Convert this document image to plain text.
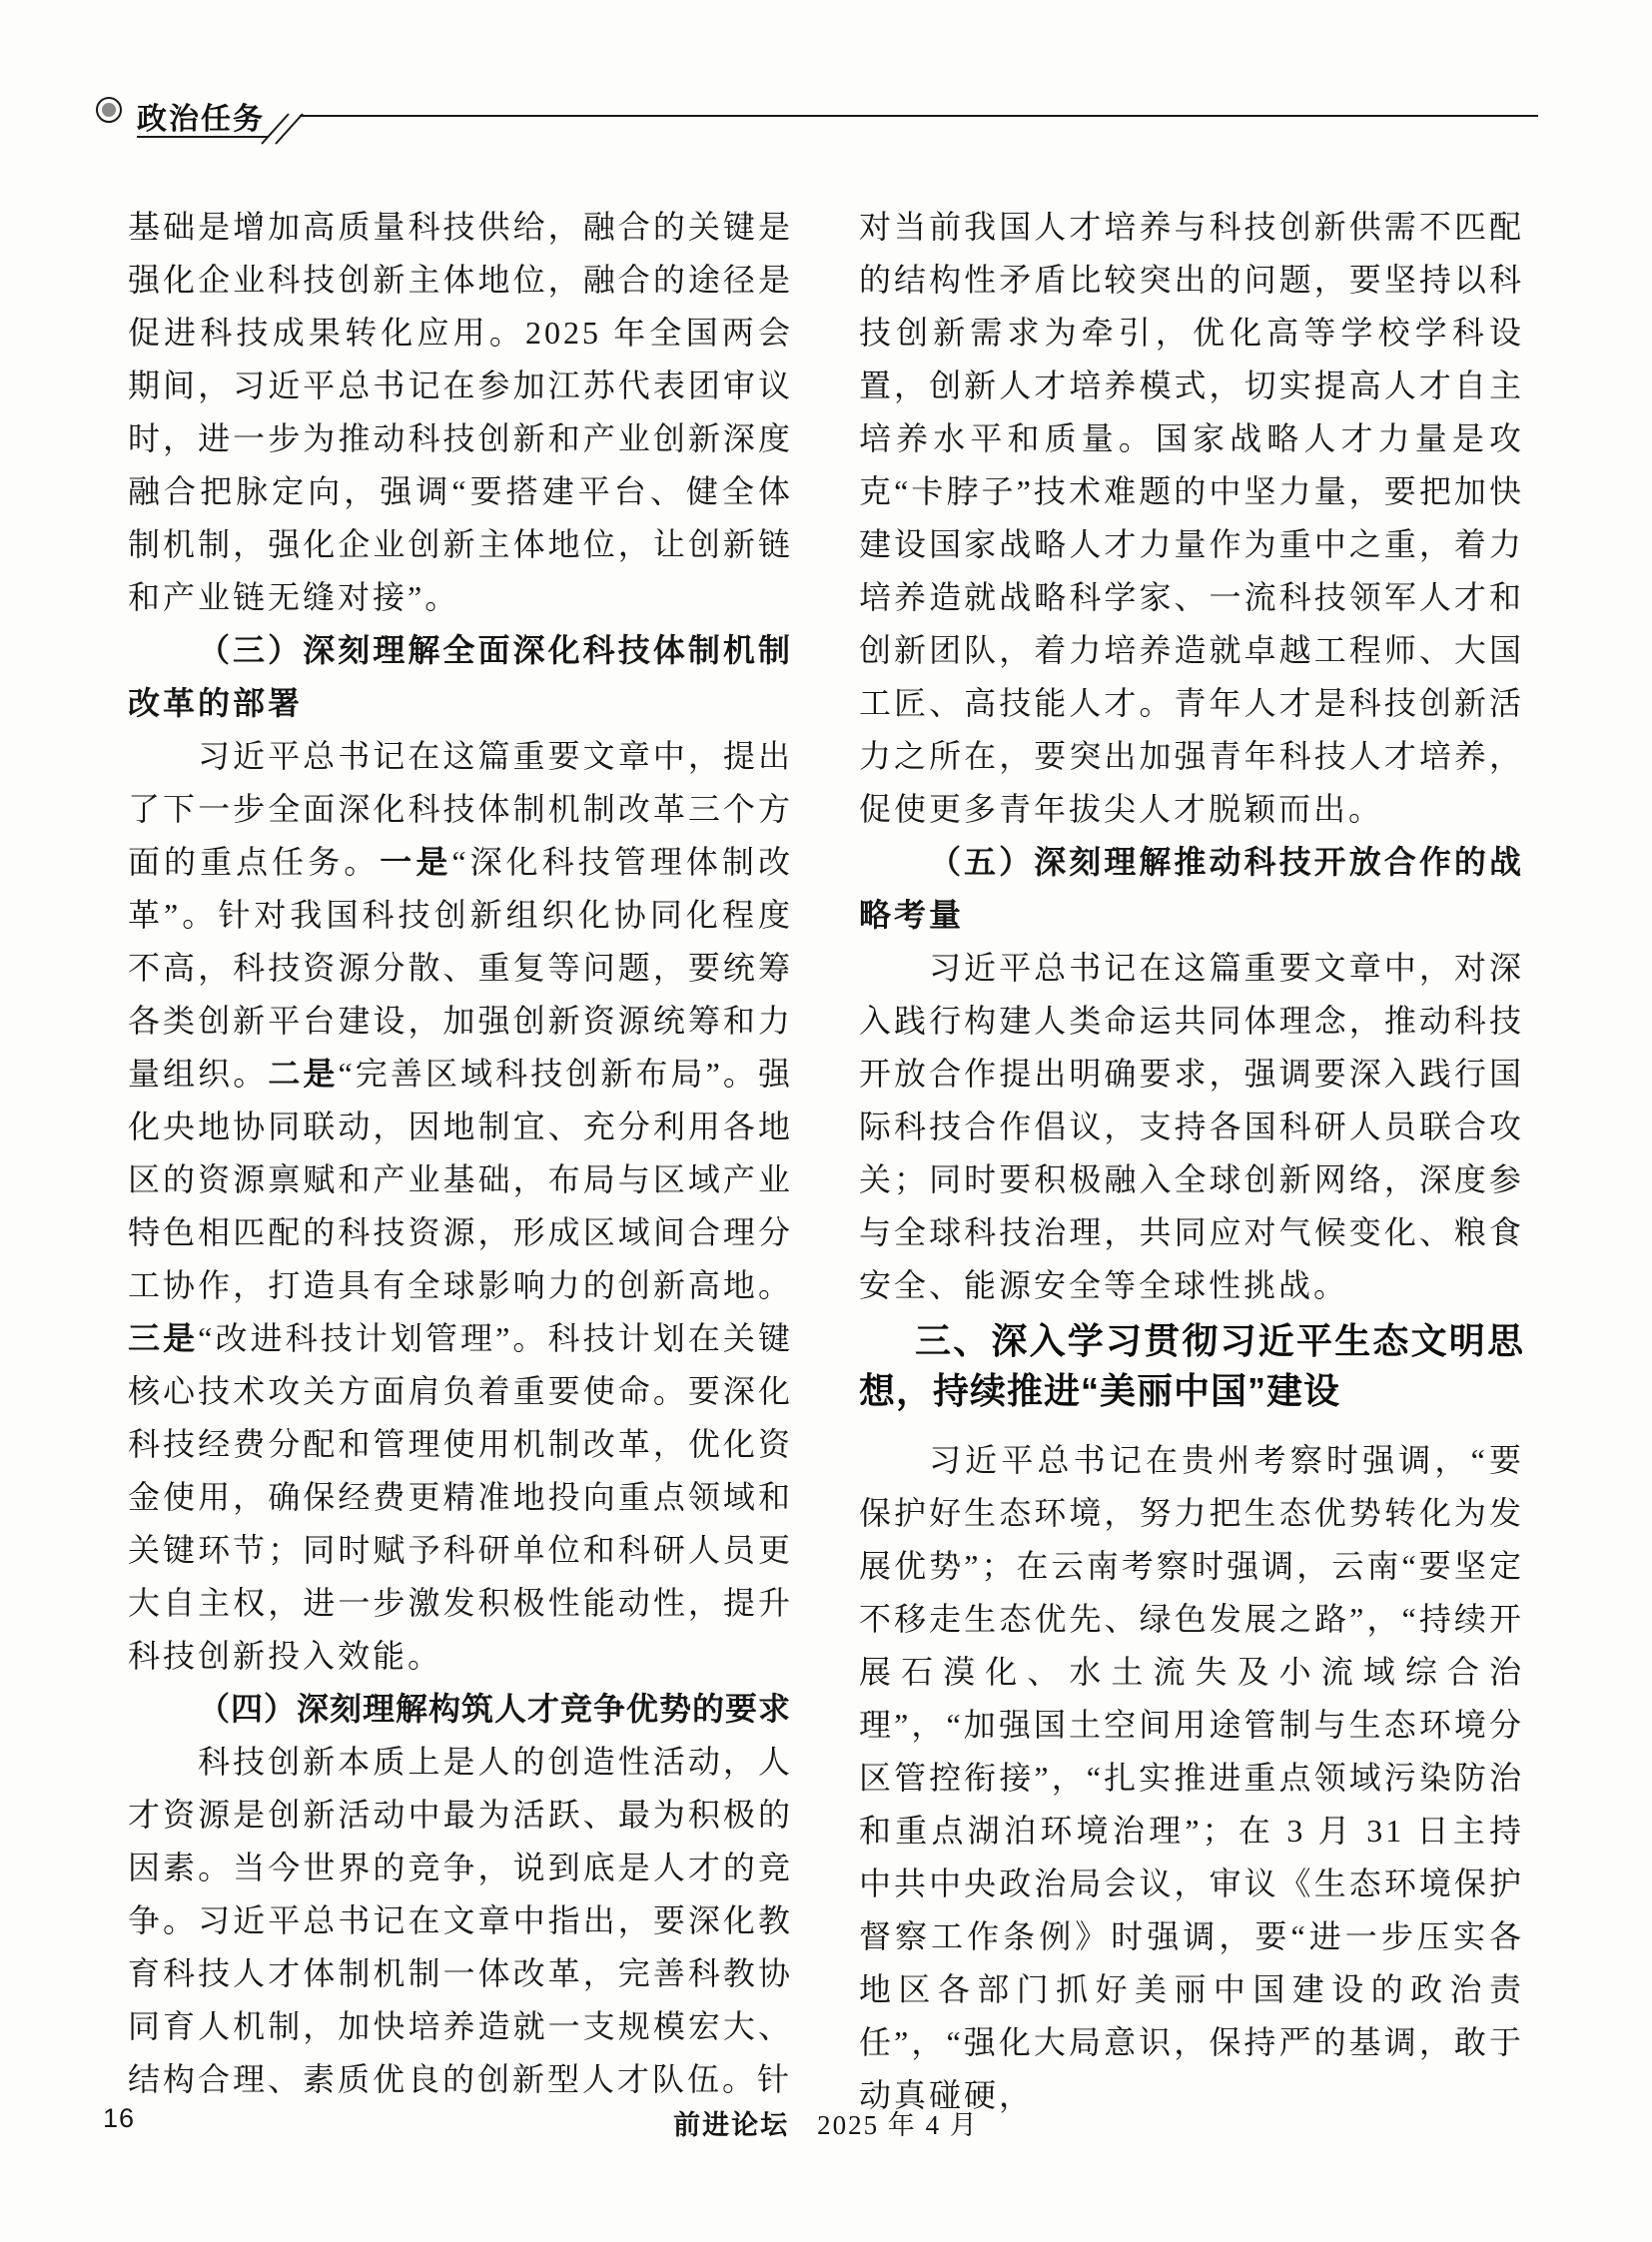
政治任务

基础是增加高质量科技供给，融合的关键是强化企业科技创新主体地位，融合的途径是促进科技成果转化应用。2025 年全国两会期间，习近平总书记在参加江苏代表团审议时，进一步为推动科技创新和产业创新深度融合把脉定向，强调“要搭建平台、健全体制机制，强化企业创新主体地位，让创新链和产业链无缝对接”。

（三）深刻理解全面深化科技体制机制改革的部署

习近平总书记在这篇重要文章中，提出了下一步全面深化科技体制机制改革三个方面的重点任务。一是“深化科技管理体制改革”。针对我国科技创新组织化协同化程度不高，科技资源分散、重复等问题，要统筹各类创新平台建设，加强创新资源统筹和力量组织。二是“完善区域科技创新布局”。强化央地协同联动，因地制宜、充分利用各地区的资源禀赋和产业基础，布局与区域产业特色相匹配的科技资源，形成区域间合理分工协作，打造具有全球影响力的创新高地。三是“改进科技计划管理”。科技计划在关键核心技术攻关方面肩负着重要使命。要深化科技经费分配和管理使用机制改革，优化资金使用，确保经费更精准地投向重点领域和关键环节；同时赋予科研单位和科研人员更大自主权，进一步激发积极性能动性，提升科技创新投入效能。

（四）深刻理解构筑人才竞争优势的要求

科技创新本质上是人的创造性活动，人才资源是创新活动中最为活跃、最为积极的因素。当今世界的竞争，说到底是人才的竞争。习近平总书记在文章中指出，要深化教育科技人才体制机制一体改革，完善科教协同育人机制，加快培养造就一支规模宏大、结构合理、素质优良的创新型人才队伍。针

对当前我国人才培养与科技创新供需不匹配的结构性矛盾比较突出的问题，要坚持以科技创新需求为牵引，优化高等学校学科设置，创新人才培养模式，切实提高人才自主培养水平和质量。国家战略人才力量是攻克“卡脖子”技术难题的中坚力量，要把加快建设国家战略人才力量作为重中之重，着力培养造就战略科学家、一流科技领军人才和创新团队，着力培养造就卓越工程师、大国工匠、高技能人才。青年人才是科技创新活力之所在，要突出加强青年科技人才培养，促使更多青年拔尖人才脱颖而出。

（五）深刻理解推动科技开放合作的战略考量

习近平总书记在这篇重要文章中，对深入践行构建人类命运共同体理念，推动科技开放合作提出明确要求，强调要深入践行国际科技合作倡议，支持各国科研人员联合攻关；同时要积极融入全球创新网络，深度参与全球科技治理，共同应对气候变化、粮食安全、能源安全等全球性挑战。

三、深入学习贯彻习近平生态文明思想，持续推进“美丽中国”建设

习近平总书记在贵州考察时强调，“要保护好生态环境，努力把生态优势转化为发展优势”；在云南考察时强调，云南“要坚定不移走生态优先、绿色发展之路”，“持续开展石漠化、水土流失及小流域综合治理”，“加强国土空间用途管制与生态环境分区管控衔接”，“扎实推进重点领域污染防治和重点湖泊环境治理”；在 3 月 31 日主持中共中央政治局会议，审议《生态环境保护督察工作条例》时强调，要“进一步压实各地区各部门抓好美丽中国建设的政治责任”，“强化大局意识，保持严的基调，敢于动真碰硬，

16	前进论坛 2025 年 4 月
